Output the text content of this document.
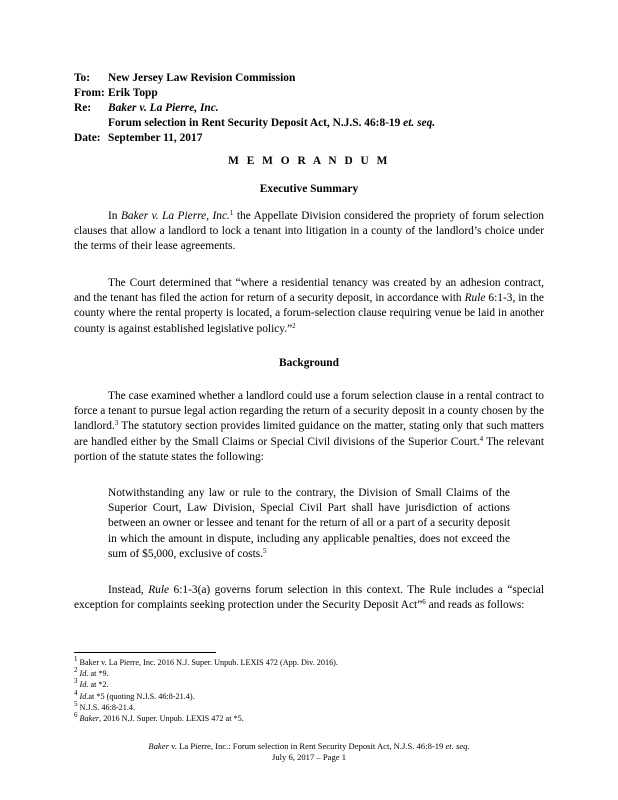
To:	New Jersey Law Revision Commission
From: Erik Topp
Re:	Baker v. La Pierre, Inc.
Forum selection in Rent Security Deposit Act, N.J.S. 46:8-19 et. seq.
Date: September 11, 2017
M E M O R A N D U M
Executive Summary

In Baker v. La Pierre, Inc.$^1$ the Appellate Division considered the propriety of forum selection clauses that allow a landlord to lock a tenant into litigation in a county of the landlord’s choice under the terms of their lease agreements.

The Court determined that “where a residential tenancy was created by an adhesion contract, and the tenant has filed the action for return of a security deposit, in accordance with Rule 6:1-3, in the county where the rental property is located, a forum-selection clause requiring venue be laid in another county is against established legislative policy.”$^2$

Background

The case examined whether a landlord could use a forum selection clause in a rental contract to force a tenant to pursue legal action regarding the return of a security deposit in a county chosen by the landlord.$^3$ The statutory section provides limited guidance on the matter, stating only that such matters are handled either by the Small Claims or Special Civil divisions of the Superior Court.$^4$ The relevant portion of the statute states the following:

Notwithstanding any law or rule to the contrary, the Division of Small Claims of the Superior Court, Law Division, Special Civil Part shall have jurisdiction of actions between an owner or lessee and tenant for the return of all or a part of a security deposit in which the amount in dispute, including any applicable penalties, does not exceed the sum of $5,000, exclusive of costs.$^5$

Instead, Rule 6:1-3(a) governs forum selection in this context. The Rule includes a “special exception for complaints seeking protection under the Security Deposit Act”$^6$ and reads as follows:

$^1$ Baker v. La Pierre, Inc. 2016 N.J. Super. Unpub. LEXIS 472 (App. Div. 2016).
$^2$ Id. at *9.
$^3$ Id. at *2.
$^4$ Id.at *5 (quoting N.J.S. 46:8-21.4).
$^5$ N.J.S. 46:8-21.4.
$^6$ Baker, 2016 N.J. Super. Unpub. LEXIS 472 at *5.
Baker v. La Pierre, Inc.: Forum selection in Rent Security Deposit Act, N.J.S. 46:8-19 et. seq.
July 6, 2017 – Page 1
